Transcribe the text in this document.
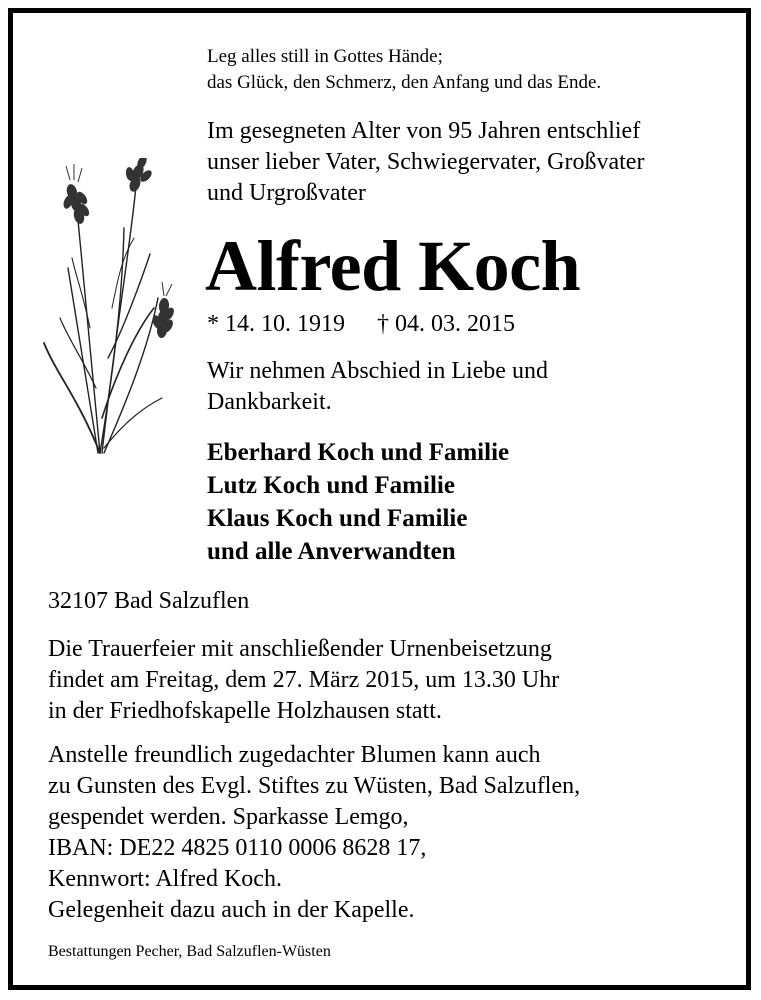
Leg alles still in Gottes Hände;
das Glück, den Schmerz, den Anfang und das Ende.
Im gesegneten Alter von 95 Jahren entschlief
unser lieber Vater, Schwiegervater, Großvater
und Urgroßvater
Alfred Koch
* 14. 10. 1919 † 04. 03. 2015
Wir nehmen Abschied in Liebe und
Dankbarkeit.
Eberhard Koch und Familie
Lutz Koch und Familie
Klaus Koch und Familie
und alle Anverwandten
32107 Bad Salzuflen
Die Trauerfeier mit anschließender Urnenbeisetzung
findet am Freitag, dem 27. März 2015, um 13.30 Uhr
in der Friedhofskapelle Holzhausen statt.
Anstelle freundlich zugedachter Blumen kann auch
zu Gunsten des Evgl. Stiftes zu Wüsten, Bad Salzuflen,
gespendet werden. Sparkasse Lemgo,
IBAN: DE22 4825 0110 0006 8628 17,
Kennwort: Alfred Koch.
Gelegenheit dazu auch in der Kapelle.
Bestattungen Pecher, Bad Salzuflen-Wüsten
